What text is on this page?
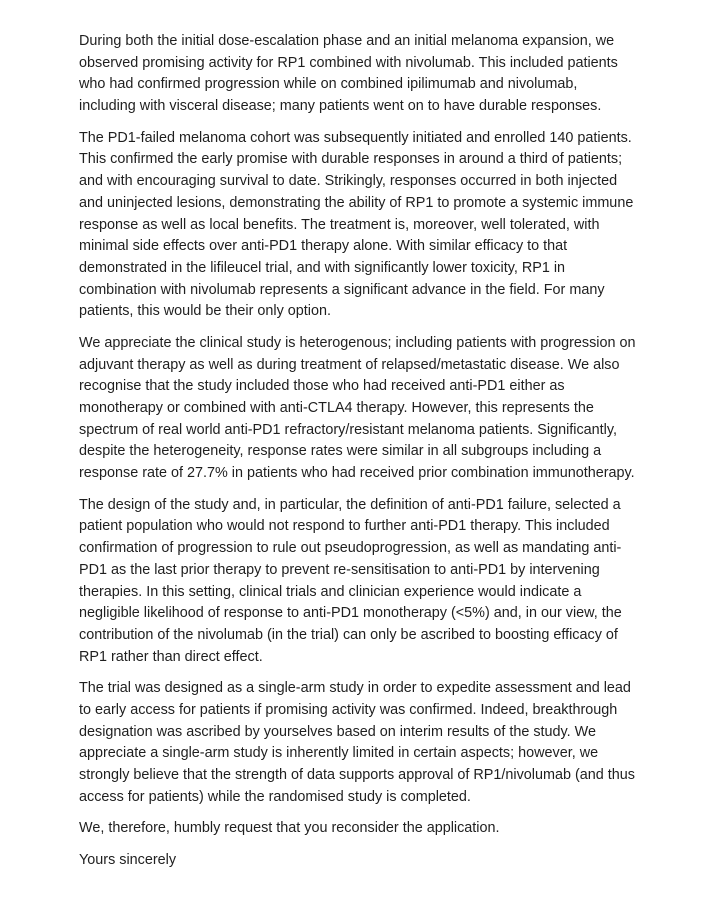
During both the initial dose-escalation phase and an initial melanoma expansion, we
observed promising activity for RP1 combined with nivolumab. This included patients
who had confirmed progression while on combined ipilimumab and nivolumab,
including with visceral disease; many patients went on to have durable responses.

The PD1-failed melanoma cohort was subsequently initiated and enrolled 140 patients.
This confirmed the early promise with durable responses in around a third of patients;
and with encouraging survival to date. Strikingly, responses occurred in both injected
and uninjected lesions, demonstrating the ability of RP1 to promote a systemic immune
response as well as local benefits. The treatment is, moreover, well tolerated, with
minimal side effects over anti-PD1 therapy alone. With similar efficacy to that
demonstrated in the lifileucel trial, and with significantly lower toxicity, RP1 in
combination with nivolumab represents a significant advance in the field. For many
patients, this would be their only option.

We appreciate the clinical study is heterogenous; including patients with progression on
adjuvant therapy as well as during treatment of relapsed/metastatic disease. We also
recognise that the study included those who had received anti-PD1 either as
monotherapy or combined with anti-CTLA4 therapy. However, this represents the
spectrum of real world anti-PD1 refractory/resistant melanoma patients. Significantly,
despite the heterogeneity, response rates were similar in all subgroups including a
response rate of 27.7% in patients who had received prior combination immunotherapy.

The design of the study and, in particular, the definition of anti-PD1 failure, selected a
patient population who would not respond to further anti-PD1 therapy. This included
confirmation of progression to rule out pseudoprogression, as well as mandating anti-
PD1 as the last prior therapy to prevent re-sensitisation to anti-PD1 by intervening
therapies. In this setting, clinical trials and clinician experience would indicate a
negligible likelihood of response to anti-PD1 monotherapy (<5%) and, in our view, the
contribution of the nivolumab (in the trial) can only be ascribed to boosting efficacy of
RP1 rather than direct effect.

The trial was designed as a single-arm study in order to expedite assessment and lead
to early access for patients if promising activity was confirmed. Indeed, breakthrough
designation was ascribed by yourselves based on interim results of the study. We
appreciate a single-arm study is inherently limited in certain aspects; however, we
strongly believe that the strength of data supports approval of RP1/nivolumab (and thus
access for patients) while the randomised study is completed.

We, therefore, humbly request that you reconsider the application.

Yours sincerely
